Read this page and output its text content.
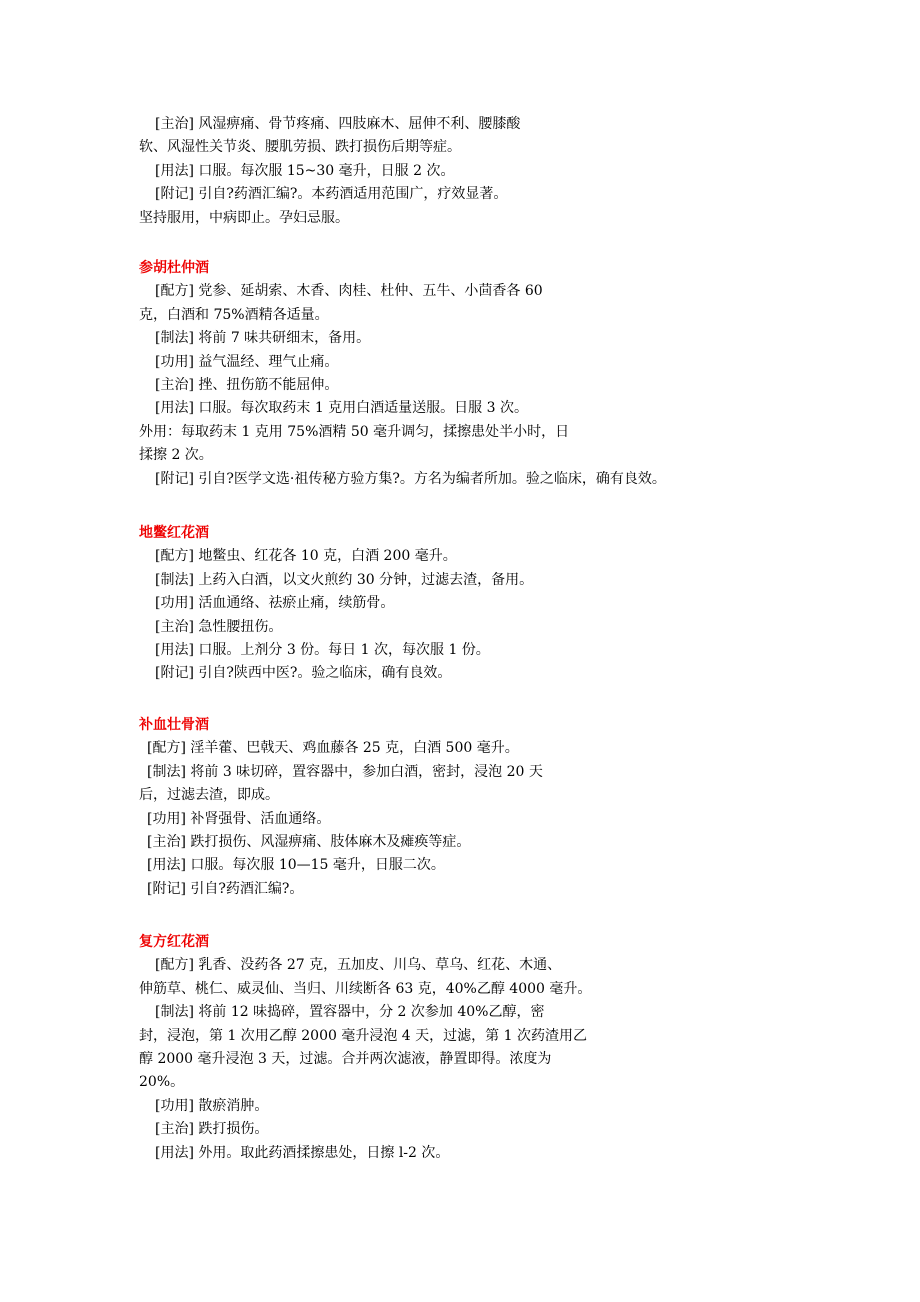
[主治] 风湿痹痛、骨节疼痛、四肢麻木、屈伸不利、腰膝酸
软、风湿性关节炎、腰肌劳损、跌打损伤后期等症。
[用法] 口服。每次服 15~30 毫升，日服 2 次。
[附记] 引自?药酒汇编?。本药酒适用范围广，疗效显著。
坚持服用，中病即止。孕妇忌服。
参胡杜仲酒
[配方] 党参、延胡索、木香、肉桂、杜仲、五牛、小茴香各 60
克，白酒和 75%酒精各适量。
[制法] 将前 7 味共研细末，备用。
[功用] 益气温经、理气止痛。
[主治] 挫、扭伤筋不能屈伸。
[用法] 口服。每次取药末 1 克用白酒适量送服。日服 3 次。
外用：每取药末 1 克用 75%酒精 50 毫升调匀，揉擦患处半小时，日
揉擦 2 次。
[附记] 引自?医学文选·祖传秘方验方集?。方名为编者所加。验之临床，确有良效。
地鳖红花酒
[配方] 地鳖虫、红花各 10 克，白酒 200 毫升。
[制法] 上药入白酒，以文火煎约 30 分钟，过滤去渣，备用。
[功用] 活血通络、祛瘀止痛，续筋骨。
[主治] 急性腰扭伤。
[用法] 口服。上剂分 3 份。每日 1 次，每次服 1 份。
[附记] 引自?陕西中医?。验之临床，确有良效。
补血壮骨酒
[配方] 淫羊藿、巴戟天、鸡血藤各 25 克，白酒 500 毫升。
[制法] 将前 3 味切碎，置容器中，参加白酒，密封，浸泡 20 天
后，过滤去渣，即成。
[功用] 补肾强骨、活血通络。
[主治] 跌打损伤、风湿痹痛、肢体麻木及瘫痪等症。
[用法] 口服。每次服 10—15 毫升，日服二次。
[附记] 引自?药酒汇编?。
复方红花酒
[配方] 乳香、没药各 27 克，五加皮、川乌、草乌、红花、木通、
伸筋草、桃仁、威灵仙、当归、川续断各 63 克，40%乙醇 4000 毫升。
[制法] 将前 12 味捣碎，置容器中，分 2 次参加 40%乙醇，密
封，浸泡，第 1 次用乙醇 2000 毫升浸泡 4 天，过滤，第 1 次药渣用乙
醇 2000 毫升浸泡 3 天，过滤。合并两次滤液，静置即得。浓度为
20%。
[功用] 散瘀消肿。
[主治] 跌打损伤。
[用法] 外用。取此药酒揉擦患处，日擦 l-2 次。
